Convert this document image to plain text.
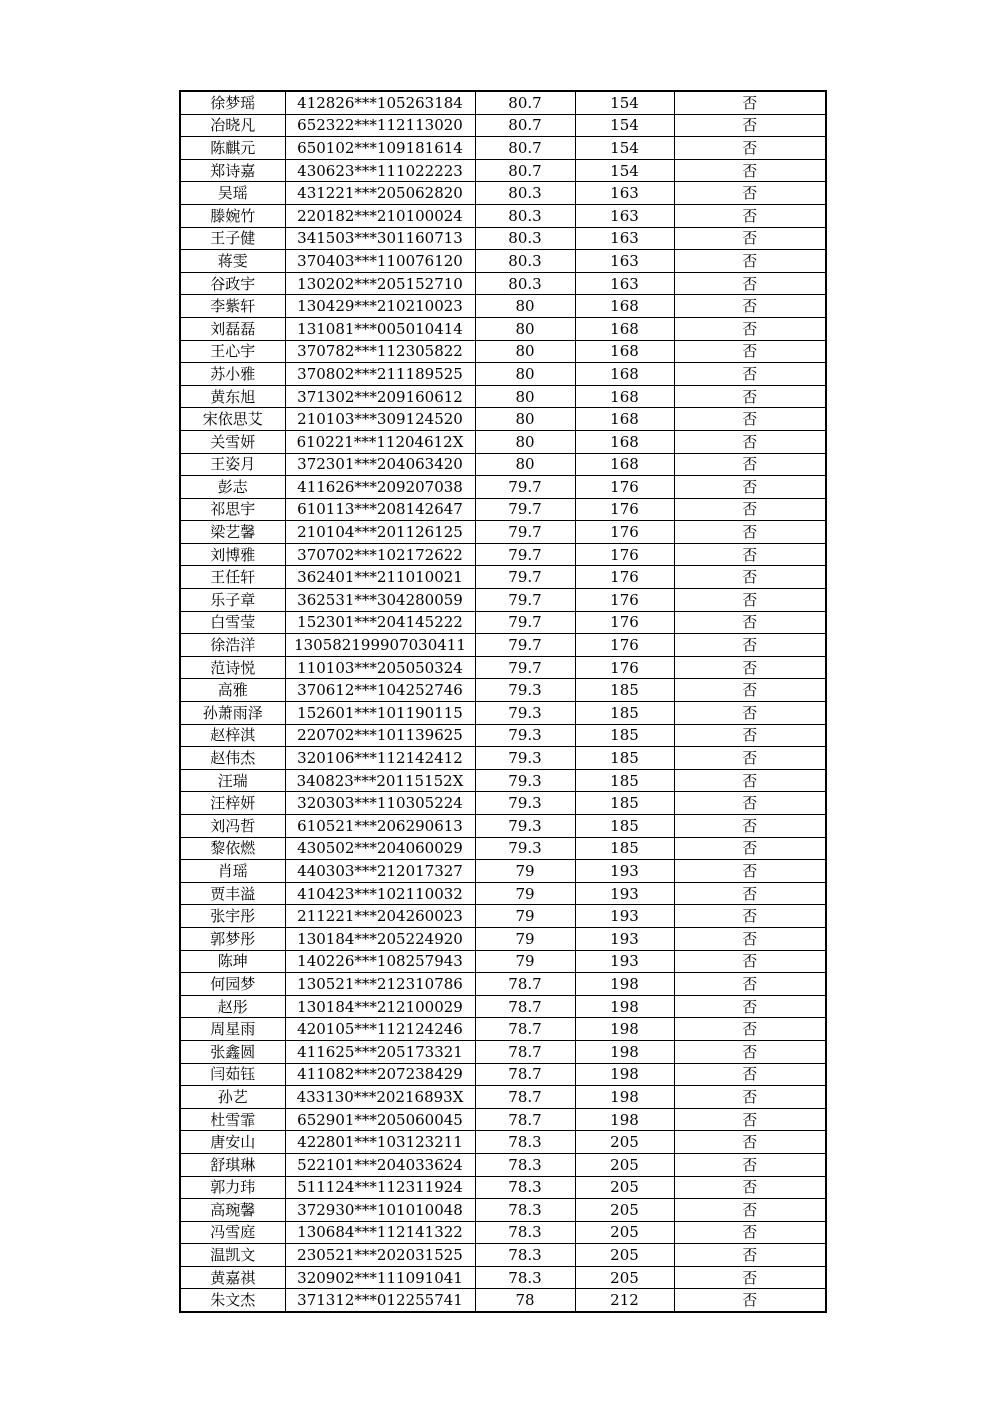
徐梦瑶	412826***105263184	80.7	154	否
冶晓凡	652322***112113020	80.7	154	否
陈麒元	650102***109181614	80.7	154	否
郑诗嘉	430623***111022223	80.7	154	否
吴瑶	431221***205062820	80.3	163	否
滕婉竹	220182***210100024	80.3	163	否
王子健	341503***301160713	80.3	163	否
蒋雯	370403***110076120	80.3	163	否
谷政宇	130202***205152710	80.3	163	否
李紫轩	130429***210210023	80	168	否
刘磊磊	131081***005010414	80	168	否
王心宇	370782***112305822	80	168	否
苏小雅	370802***211189525	80	168	否
黄东旭	371302***209160612	80	168	否
宋依思艾	210103***309124520	80	168	否
关雪妍	610221***11204612X	80	168	否
王姿月	372301***204063420	80	168	否
彭志	411626***209207038	79.7	176	否
祁思宇	610113***208142647	79.7	176	否
梁艺馨	210104***201126125	79.7	176	否
刘博雅	370702***102172622	79.7	176	否
王任轩	362401***211010021	79.7	176	否
乐子章	362531***304280059	79.7	176	否
白雪莹	152301***204145222	79.7	176	否
徐浩洋	130582199907030411	79.7	176	否
范诗悦	110103***205050324	79.7	176	否
高雅	370612***104252746	79.3	185	否
孙萧雨泽	152601***101190115	79.3	185	否
赵梓淇	220702***101139625	79.3	185	否
赵伟杰	320106***112142412	79.3	185	否
汪瑞	340823***20115152X	79.3	185	否
汪梓妍	320303***110305224	79.3	185	否
刘冯哲	610521***206290613	79.3	185	否
黎依燃	430502***204060029	79.3	185	否
肖瑶	440303***212017327	79	193	否
贾丰溢	410423***102110032	79	193	否
张宇彤	211221***204260023	79	193	否
郭梦彤	130184***205224920	79	193	否
陈珅	140226***108257943	79	193	否
何园梦	130521***212310786	78.7	198	否
赵彤	130184***212100029	78.7	198	否
周星雨	420105***112124246	78.7	198	否
张鑫圆	411625***205173321	78.7	198	否
闫茹钰	411082***207238429	78.7	198	否
孙艺	433130***20216893X	78.7	198	否
杜雪霏	652901***205060045	78.7	198	否
唐安山	422801***103123211	78.3	205	否
舒琪琳	522101***204033624	78.3	205	否
郭力玮	511124***112311924	78.3	205	否
高琬馨	372930***101010048	78.3	205	否
冯雪庭	130684***112141322	78.3	205	否
温凯文	230521***202031525	78.3	205	否
黄嘉祺	320902***111091041	78.3	205	否
朱文杰	371312***012255741	78	212	否
